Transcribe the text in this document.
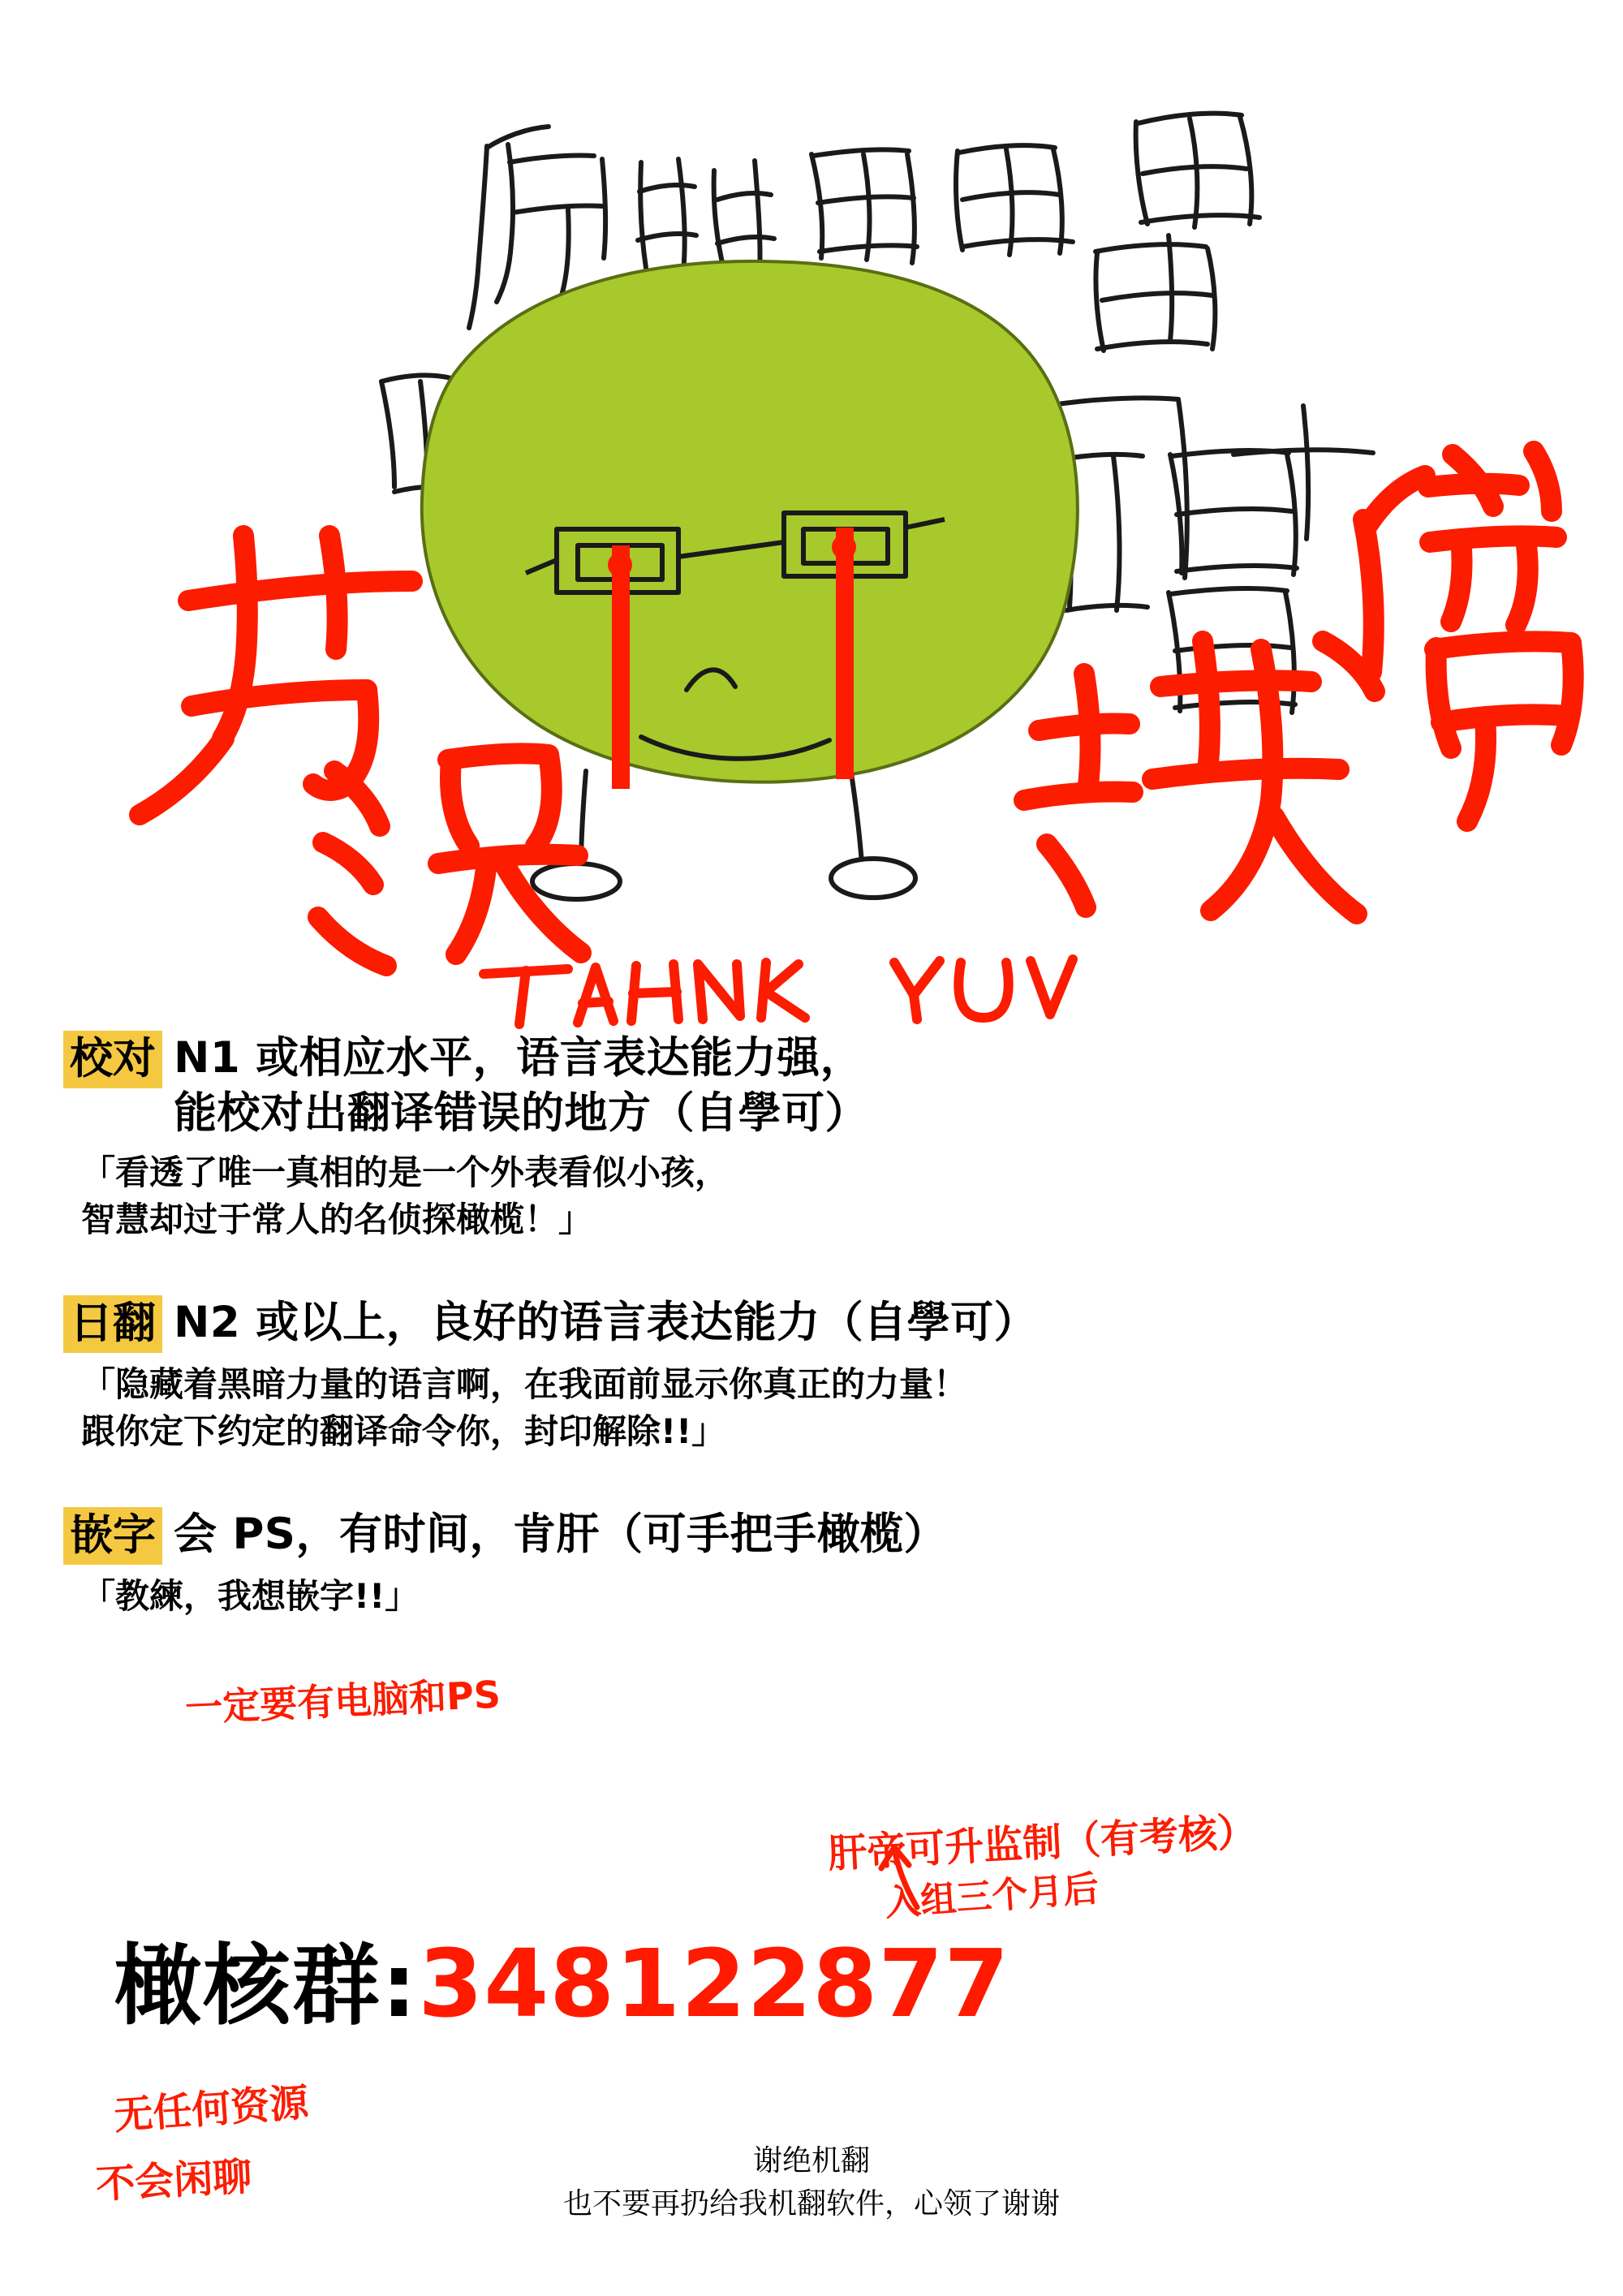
校对 N1 或相应水平，语言表达能力强，
能校对出翻译错误的地方（自學可）
「看透了唯一真相的是一个外表看似小孩，
智慧却过于常人的名侦探橄榄！」
日翻 N2 或以上，良好的语言表达能力（自學可）
「隐藏着黑暗力量的语言啊，在我面前显示你真正的力量！
跟你定下约定的翻译命令你，封印解除!!」
嵌字 会 PS，有时间，肯肝（可手把手橄榄）
「教練，我想嵌字!!」
橄核群: 348122877
谢绝机翻
也不要再扔给我机翻软件，心领了谢谢
一定要有电脑和PS
肝帝可升监制（有考核）
入组三个月后
无任何资源
不会闲聊
